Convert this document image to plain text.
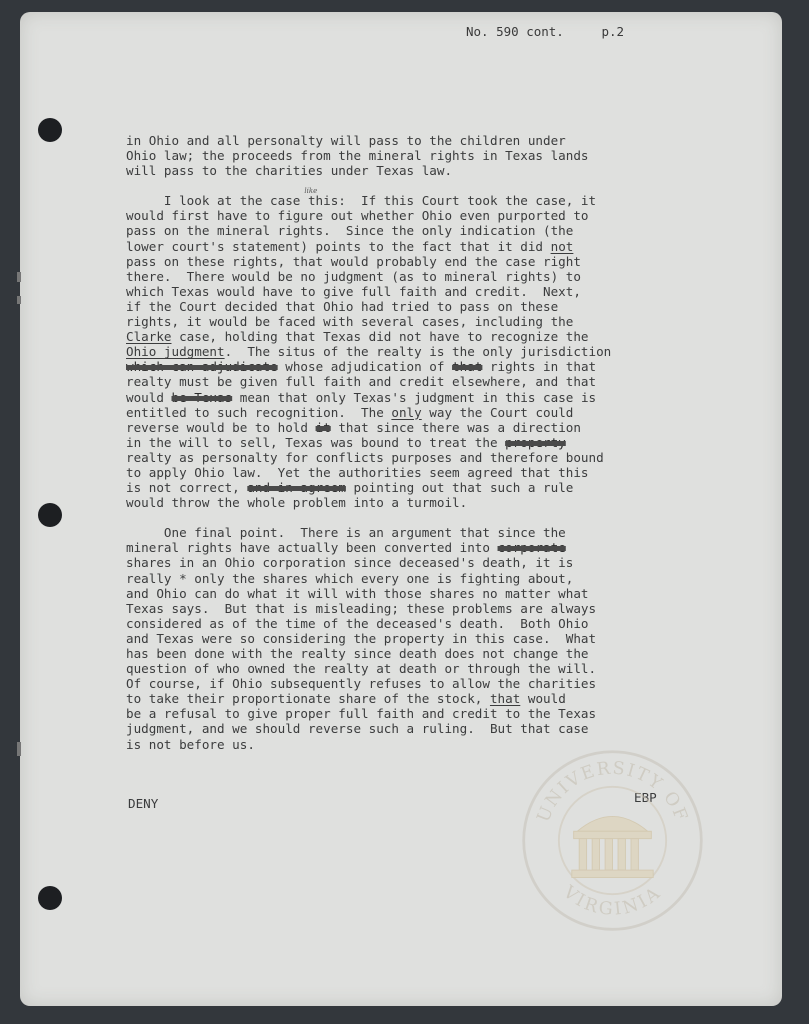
No. 590 cont.     p.2
in Ohio and all personalty will pass to the children under
Ohio law; the proceeds from the mineral rights in Texas lands
will pass to the charities under Texas law.
I look at the case
like
this:  If this Court took the case, it
would first have to figure out whether Ohio even purported to
pass on the mineral rights.  Since the only indication (the
lower court's statement) points to the fact that it did not
pass on these rights, that would probably end the case right
there.  There would be no judgment (as to mineral rights) to
which Texas would have to give full faith and credit.  Next,
if the Court decided that Ohio had tried to pass on these
rights, it would be faced with several cases, including the
Clarke case, holding that Texas did not have to recognize the
Ohio judgment.  The situs of the realty is the only jurisdiction
which can adjudicate whose adjudication of that rights in that
realty must be given full faith and credit elsewhere, and that
would be Texas mean that only Texas's judgment in this case is
entitled to such recognition.  The only way the Court could
reverse would be to hold it that since there was a direction
in the will to sell, Texas was bound to treat the property
realty as personalty for conflicts purposes and therefore bound
to apply Ohio law.  Yet the authorities seem agreed that this
is not correct, and in agreem pointing out that such a rule
would throw the whole problem into a turmoil.
One final point.  There is an argument that since the
mineral rights have actually been converted into corporate
shares in an Ohio corporation since deceased's death, it is
really * only the shares which every one is fighting about,
and Ohio can do what it will with those shares no matter what
Texas says.  But that is misleading; these problems are always
considered as of the time of the deceased's death.  Both Ohio
and Texas were so considering the property in this case.  What
has been done with the realty since death does not change the
question of who owned the realty at death or through the will.
Of course, if Ohio subsequently refuses to allow the charities
to take their proportionate share of the stock, that would
be a refusal to give proper full faith and credit to the Texas
judgment, and we should reverse such a ruling.  But that case
is not before us.
DENY	EBP
UNIVERSITY OF
VIRGINIA
